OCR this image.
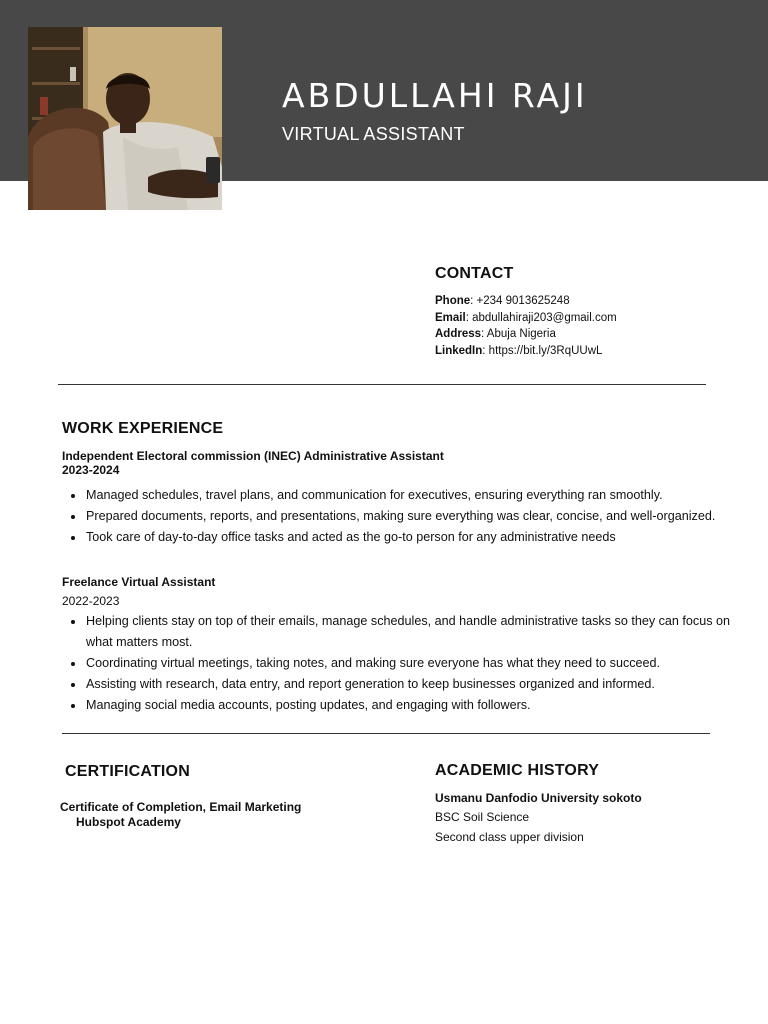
ABDULLAHI RAJI
VIRTUAL ASSISTANT
CONTACT
Phone: +234 9013625248
Email: abdullahiraji203@gmail.com
Address: Abuja Nigeria
LinkedIn: https://bit.ly/3RqUUwL
WORK EXPERIENCE
Independent Electoral commission (INEC) Administrative Assistant
2023-2024
Managed schedules, travel plans, and communication for executives, ensuring everything ran smoothly.
Prepared documents, reports, and presentations, making sure everything was clear, concise, and well-organized.
Took care of day-to-day office tasks and acted as the go-to person for any administrative needs
Freelance Virtual Assistant
2022-2023
Helping clients stay on top of their emails, manage schedules, and handle administrative tasks so they can focus on what matters most.
Coordinating virtual meetings, taking notes, and making sure everyone has what they need to succeed.
Assisting with research, data entry, and report generation to keep businesses organized and informed.
Managing social media accounts, posting updates, and engaging with followers.
CERTIFICATION
Certificate of Completion, Email Marketing
Hubspot Academy
ACADEMIC HISTORY
Usmanu Danfodio University sokoto
BSC Soil Science
Second class upper division
